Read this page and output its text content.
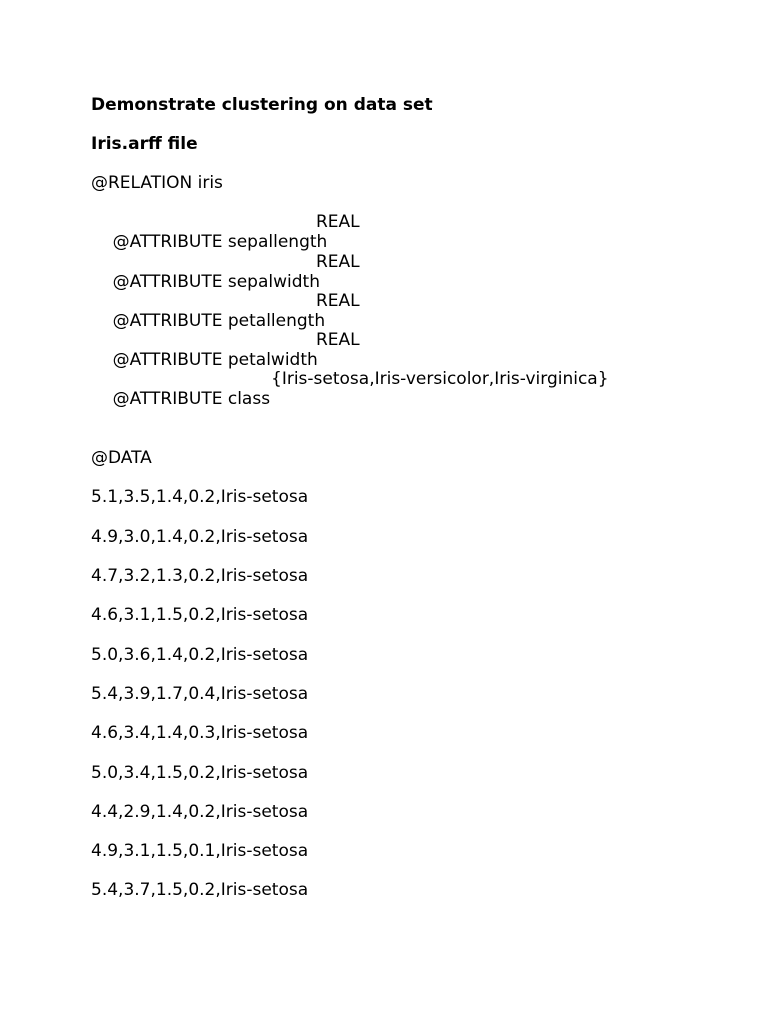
Demonstrate clustering on data set
Iris.arff file
@RELATION iris

@ATTRIBUTE sepallength

REAL

@ATTRIBUTE sepalwidth

REAL

@ATTRIBUTE petallength

REAL

@ATTRIBUTE petalwidth

REAL

@ATTRIBUTE class

{Iris-setosa,Iris-versicolor,Iris-virginica}

@DATA
5.1,3.5,1.4,0.2,Iris-setosa
4.9,3.0,1.4,0.2,Iris-setosa
4.7,3.2,1.3,0.2,Iris-setosa
4.6,3.1,1.5,0.2,Iris-setosa
5.0,3.6,1.4,0.2,Iris-setosa
5.4,3.9,1.7,0.4,Iris-setosa
4.6,3.4,1.4,0.3,Iris-setosa
5.0,3.4,1.5,0.2,Iris-setosa
4.4,2.9,1.4,0.2,Iris-setosa
4.9,3.1,1.5,0.1,Iris-setosa
5.4,3.7,1.5,0.2,Iris-setosa
